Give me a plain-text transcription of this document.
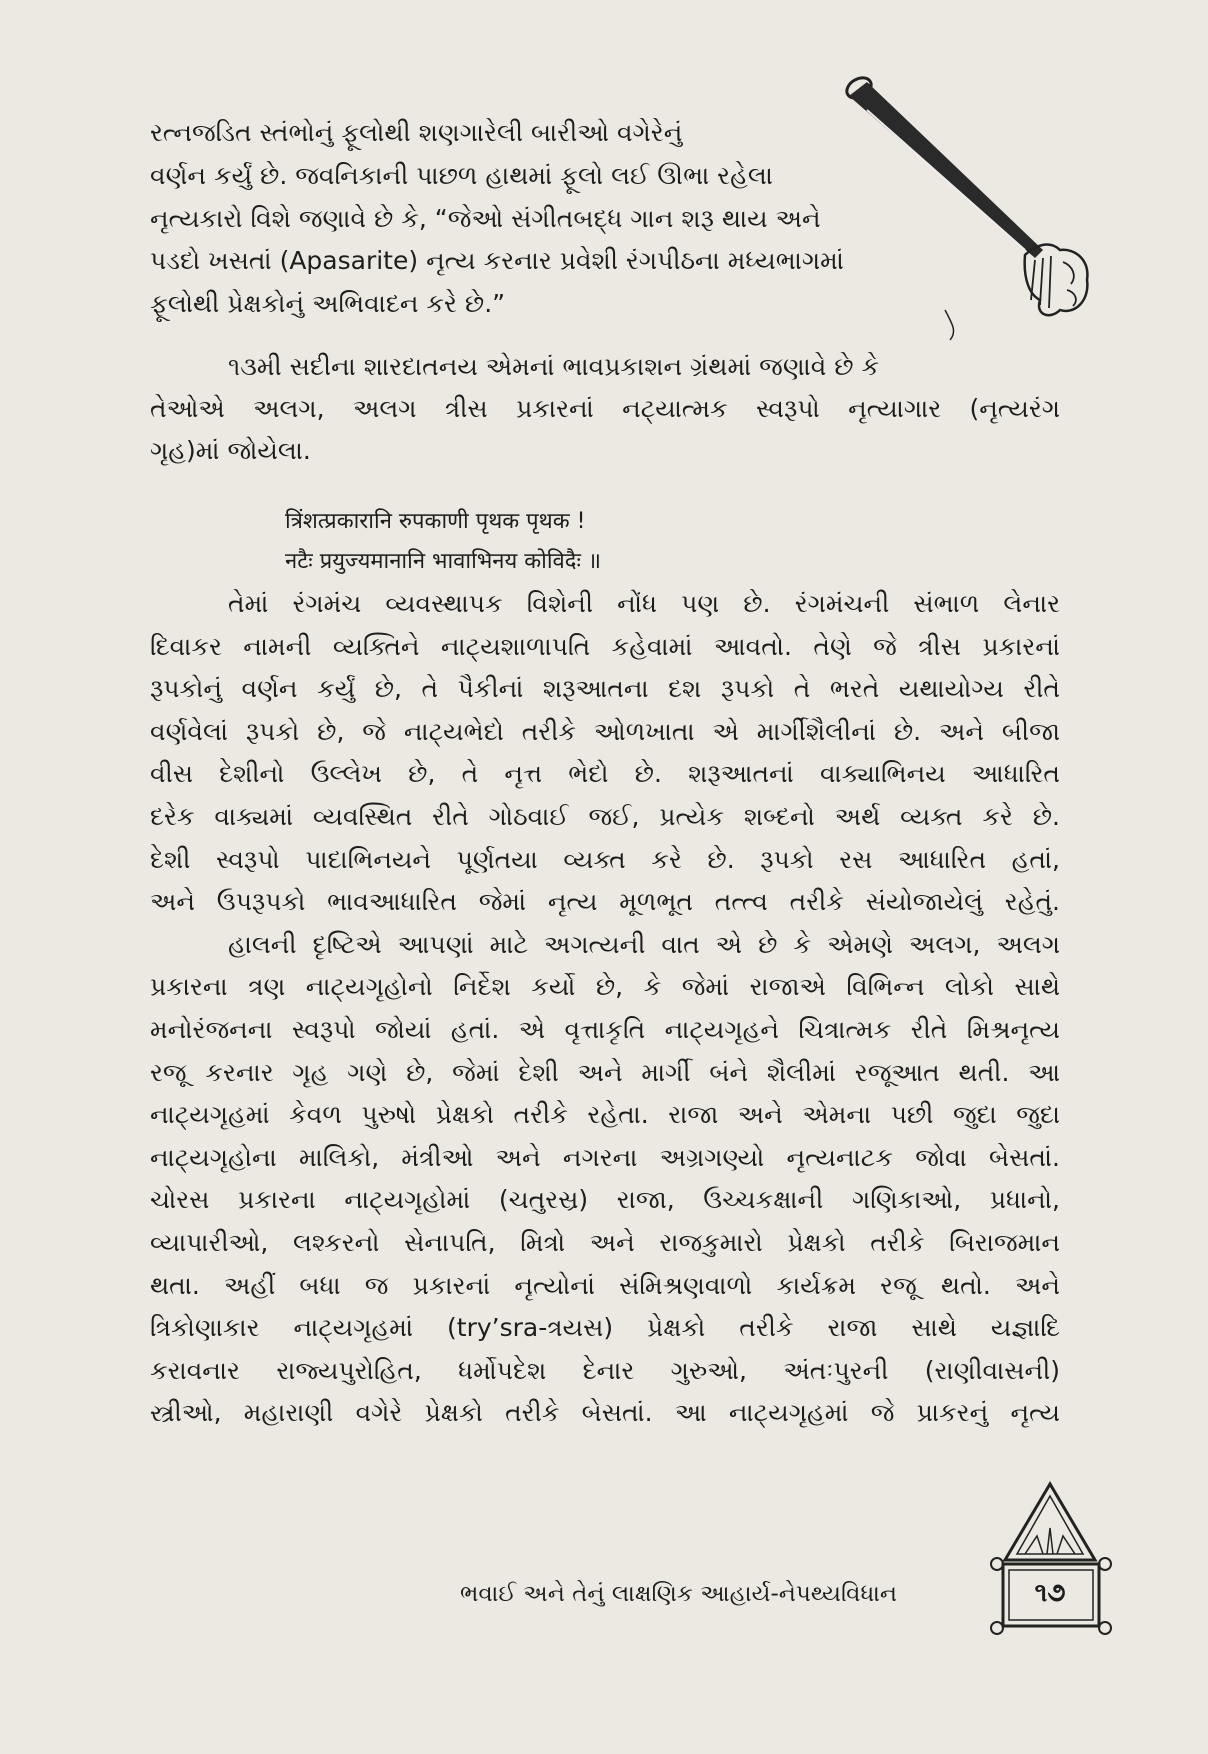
રત્નજડિત સ્તંભોનું ફૂલોથી શણગારેલી બારીઓ વગેરેનું
વર્ણન કર્યું છે. જવનિકાની પાછળ હાથમાં ફૂલો લઈ ઊભા રહેલા
નૃત્યકારો વિશે જણાવે છે કે, “જેઓ સંગીતબદ્ધ ગાન શરૂ થાય અને
પડદો ખસતાં (Apasarite) નૃત્ય કરનાર પ્રવેશી રંગપીઠના મધ્યભાગમાં
ફૂલોથી પ્રેક્ષકોનું અભિવાદન કરે છે.”
૧૩મી સદીના શારદાતનય એમનાં ભાવપ્રકાશન ગ્રંથમાં જણાવે છે કે
તેઓએ અલગ, અલગ ત્રીસ પ્રકારનાં નટ્યાત્મક સ્વરૂપો નૃત્યાગાર (નૃત્યરંગ
ગૃહ)માં જોયેલા.
त्रिंशत्प्रकारानि रुपकाणी पृथक पृथक !
नटैः प्रयुज्यमानानि भावाभिनय कोविदैः ॥
તેમાં રંગમંચ વ્યવસ્થાપક વિશેની નોંધ પણ છે. રંગમંચની સંભાળ લેનાર
દિવાકર નામની વ્યક્તિને નાટ્યશાળાપતિ કહેવામાં આવતો. તેણે જે ત્રીસ પ્રકારનાં
રૂપકોનું વર્ણન કર્યું છે, તે પૈકીનાં શરૂઆતના દશ રૂપકો તે ભરતે યથાયોગ્ય રીતે
વર્ણવેલાં રૂપકો છે, જે નાટ્યભેદો તરીકે ઓળખાતા એ માર્ગીશૈલીનાં છે. અને બીજા
વીસ દેશીનો ઉલ્લેખ છે, તે નૃત્ત ભેદો છે. શરૂઆતનાં વાક્યાભિનય આધારિત
દરેક વાક્યમાં વ્યવસ્થિત રીતે ગોઠવાઈ જઈ, પ્રત્યેક શબ્દનો અર્થ વ્યક્ત કરે છે.
દેશી સ્વરૂપો પાદાભિનયને પૂર્ણતયા વ્યક્ત કરે છે. રૂપકો રસ આધારિત હતાં,
અને ઉપરૂપકો ભાવઆધારિત જેમાં નૃત્ય મૂળભૂત તત્ત્વ તરીકે સંયોજાયેલું રહેતું.
હાલની દૃષ્ટિએ આપણાં માટે અગત્યની વાત એ છે કે એમણે અલગ, અલગ
પ્રકારના ત્રણ નાટ્યગૃહોનો નિર્દેશ કર્યો છે, કે જેમાં રાજાએ વિભિન્ન લોકો સાથે
મનોરંજનના સ્વરૂપો જોયાં હતાં. એ વૃત્તાકૃતિ નાટ્યગૃહને ચિત્રાત્મક રીતે મિશ્રનૃત્ય
રજૂ કરનાર ગૃહ ગણે છે, જેમાં દેશી અને માર્ગી બંને શૈલીમાં રજૂઆત થતી. આ
નાટ્યગૃહમાં કેવળ પુરુષો પ્રેક્ષકો તરીકે રહેતા. રાજા અને એમના પછી જુદા જુદા
નાટ્યગૃહોના માલિકો, મંત્રીઓ અને નગરના અગ્રગણ્યો નૃત્યનાટક જોવા બેસતાં.
ચોરસ પ્રકારના નાટ્યગૃહોમાં (ચતુરસ્ર) રાજા, ઉચ્ચકક્ષાની ગણિકાઓ, પ્રધાનો,
વ્યાપારીઓ, લશ્કરનો સેનાપતિ, મિત્રો અને રાજકુમારો પ્રેક્ષકો તરીકે બિરાજમાન
થતા. અહીં બધા જ પ્રકારનાં નૃત્યોનાં સંમિશ્રણવાળો કાર્યક્રમ રજૂ થતો. અને
ત્રિકોણાકાર નાટ્યગૃહમાં (try’sra-ત્રયસ) પ્રેક્ષકો તરીકે રાજા સાથે યજ્ઞાદિ
કરાવનાર રાજ્યપુરોહિત, ધર્મોપદેશ દેનાર ગુરુઓ, અંતઃપુરની (રાણીવાસની)
સ્ત્રીઓ, મહારાણી વગેરે પ્રેક્ષકો તરીકે બેસતાં. આ નાટ્યગૃહમાં જે પ્રાકરનું નૃત્ય
ભવાઈ અને તેનું લાક્ષણિક આહાર્ય-નેપથ્યવિધાન	૧૭
